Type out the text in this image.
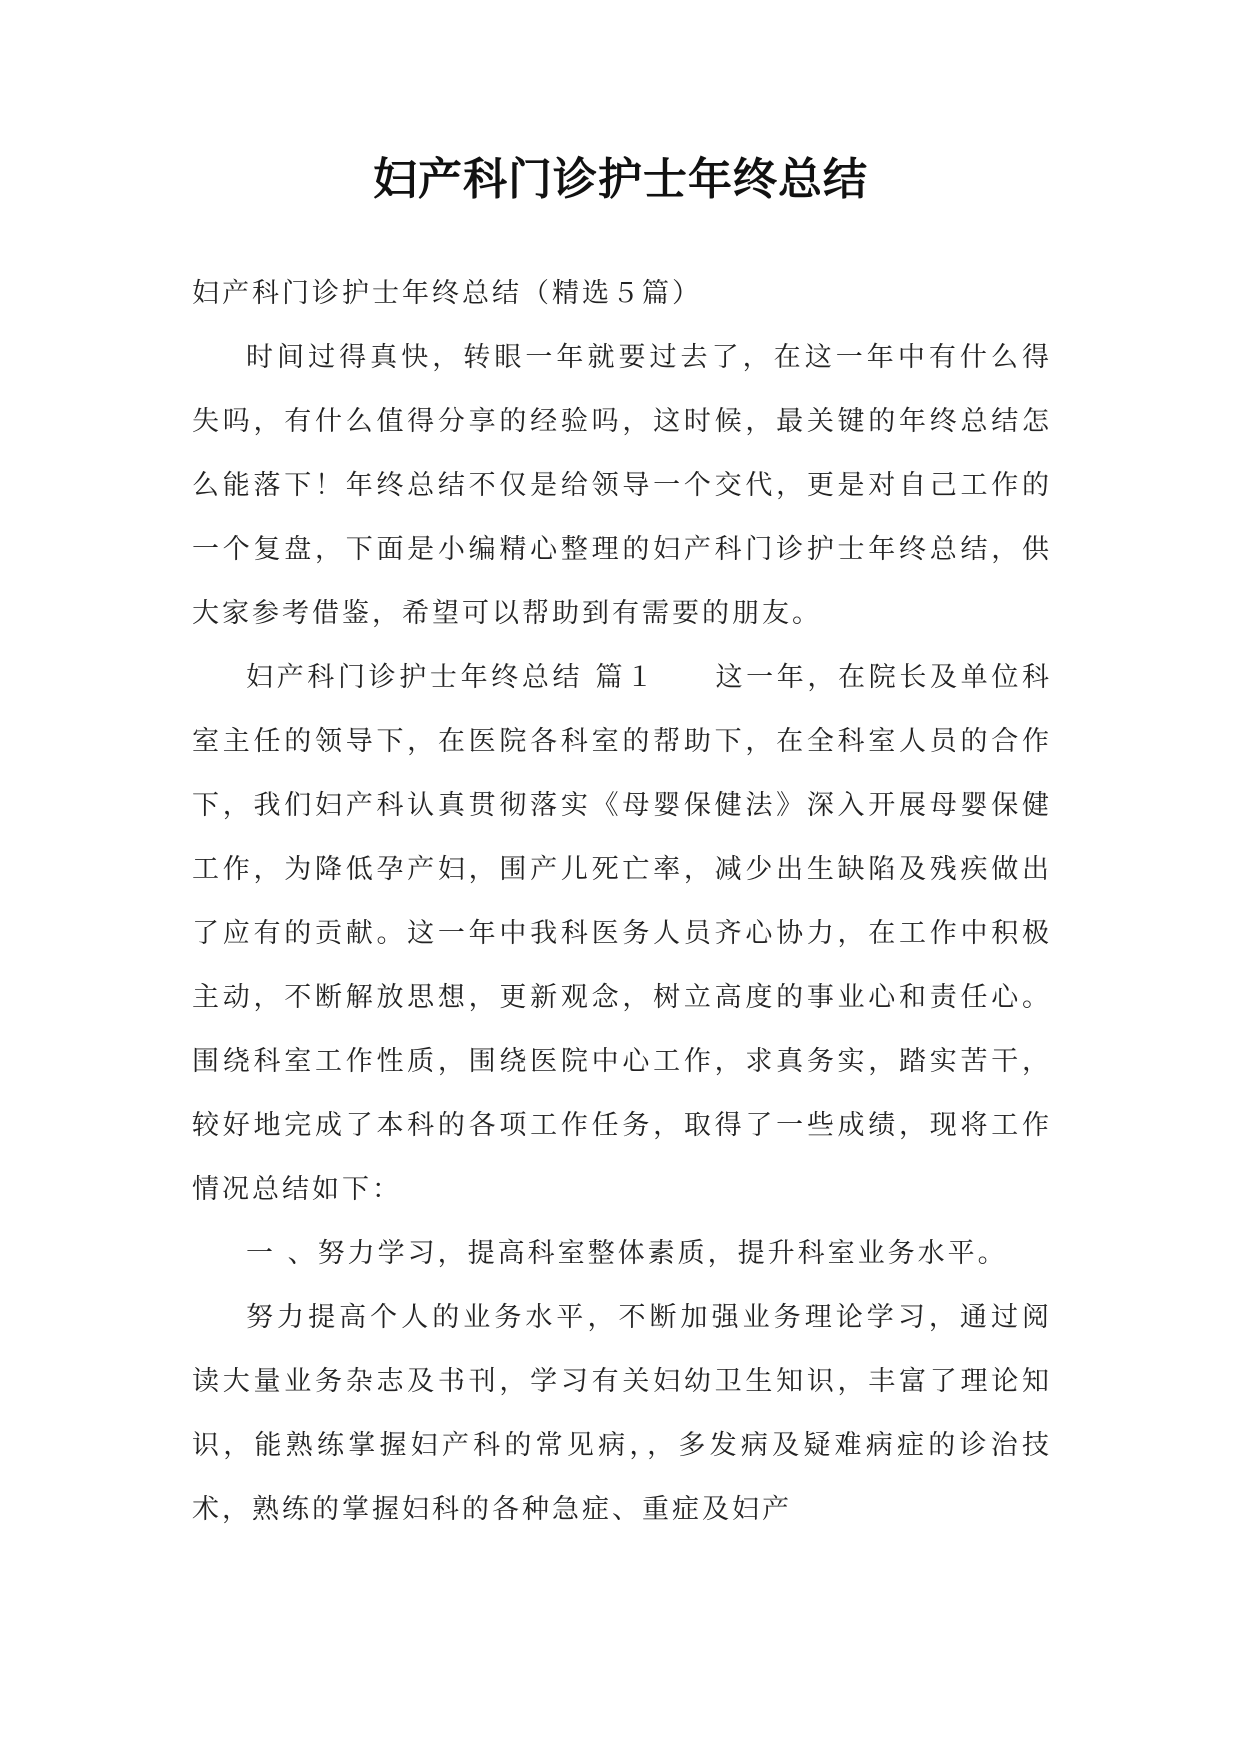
妇产科门诊护士年终总结

妇产科门诊护士年终总结（精选５篇）

时间过得真快，转眼一年就要过去了，在这一年中有什么得失吗，有什么值得分享的经验吗，这时候，最关键的年终总结怎么能落下！年终总结不仅是给领导一个交代，更是对自己工作的一个复盘，下面是小编精心整理的妇产科门诊护士年终总结，供大家参考借鉴，希望可以帮助到有需要的朋友。

妇产科门诊护士年终总结 篇１ 这一年，在院长及单位科室主任的领导下，在医院各科室的帮助下，在全科室人员的合作下，我们妇产科认真贯彻落实《母婴保健法》深入开展母婴保健工作，为降低孕产妇，围产儿死亡率，减少出生缺陷及残疾做出了应有的贡献。这一年中我科医务人员齐心协力，在工作中积极主动，不断解放思想，更新观念，树立高度的事业心和责任心。围绕科室工作性质，围绕医院中心工作，求真务实，踏实苦干，较好地完成了本科的各项工作任务，取得了一些成绩，现将工作情况总结如下：

一 、努力学习，提高科室整体素质，提升科室业务水平。

努力提高个人的业务水平，不断加强业务理论学习，通过阅读大量业务杂志及书刊，学习有关妇幼卫生知识，丰富了理论知识，能熟练掌握妇产科的常见病，，多发病及疑难病症的诊治技术，熟练的掌握妇科的各种急症、重症及妇产
